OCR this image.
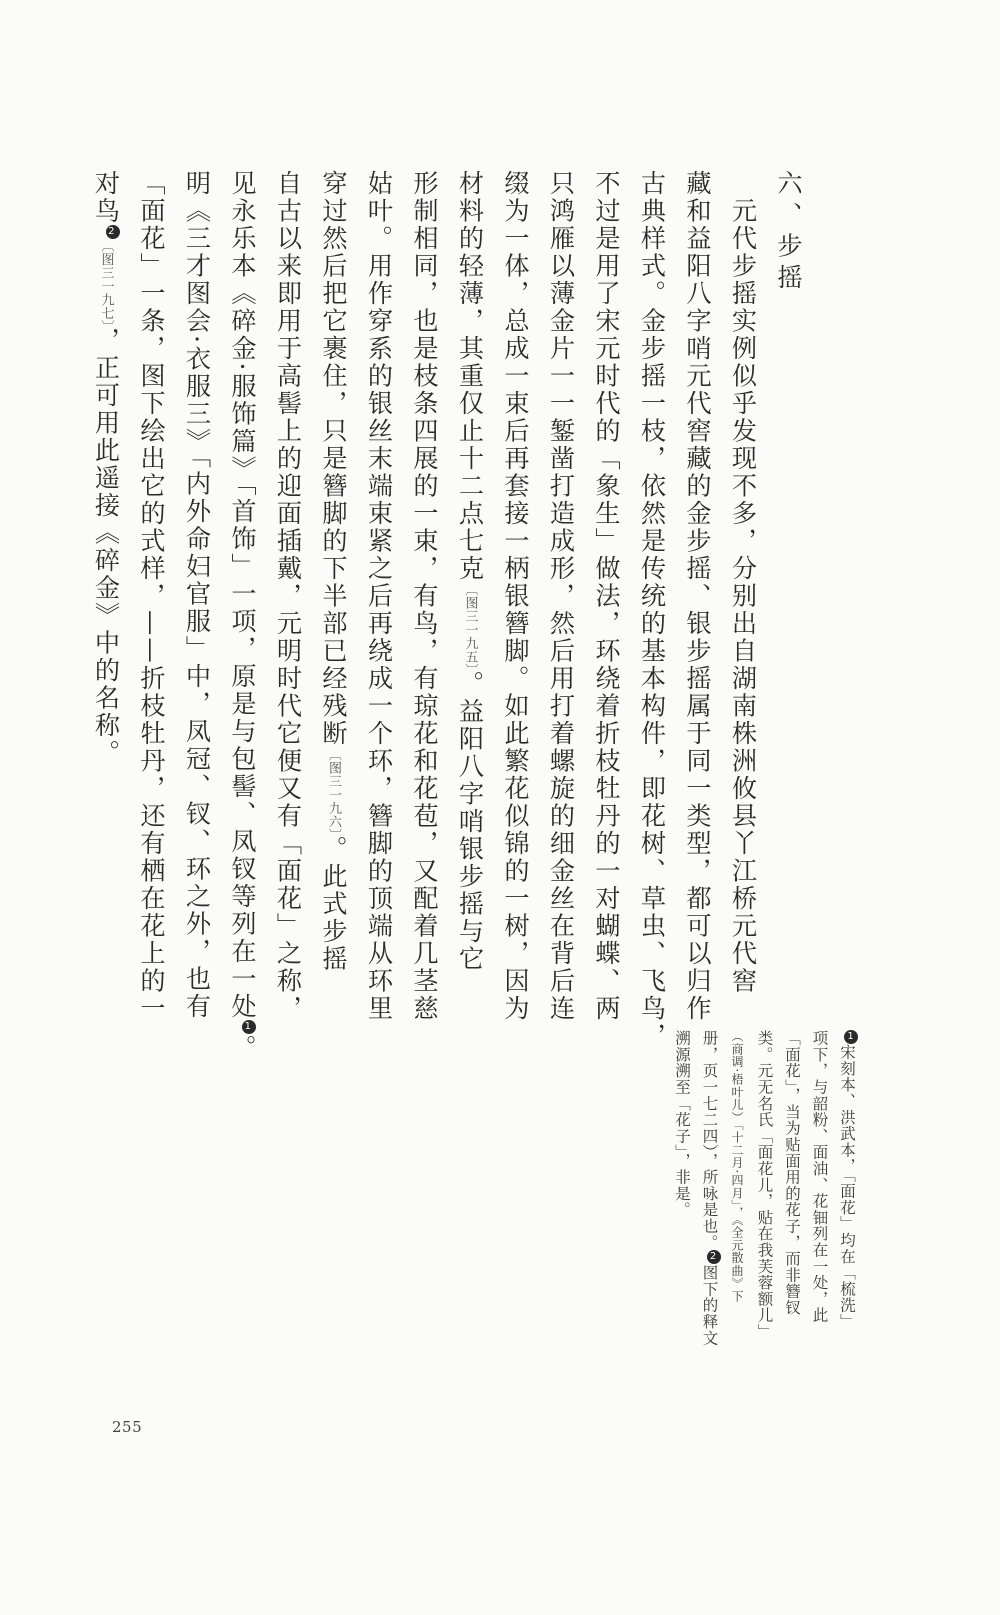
六、步摇
　元代步摇实例似乎发现不多，分别出自湖南株洲攸县丫江桥元代窖
藏和益阳八字哨元代窖藏的金步摇、银步摇属于同一类型，都可以归作
古典样式。金步摇一枝，依然是传统的基本构件，即花树、草虫、飞鸟，
不过是用了宋元时代的「象生」做法，环绕着折枝牡丹的一对蝴蝶、两
只鸿雁以薄金片一一錾凿打造成形，然后用打着螺旋的细金丝在背后连
缀为一体，总成一束后再套接一柄银簪脚。如此繁花似锦的一树，因为
材料的轻薄，其重仅止十二点七克〔图三一九五〕。益阳八字哨银步摇与它
形制相同，也是枝条四展的一束，有鸟，有琼花和花苞，又配着几茎慈
姑叶。用作穿系的银丝末端束紧之后再绕成一个环，簪脚的顶端从环里
穿过然后把它裹住，只是簪脚的下半部已经残断〔图三一九六〕。此式步摇
自古以来即用于高髻上的迎面插戴，元明时代它便又有「面花」之称，
见永乐本《碎金·服饰篇》「首饰」一项，原是与包髻、凤钗等列在一处1。
明《三才图会·衣服三》「内外命妇官服」中，凤冠、钗、环之外，也有
「面花」一条，图下绘出它的式样，——折枝牡丹，还有栖在花上的一
对鸟2〔图三一九七〕，正可用此遥接《碎金》中的名称。
1宋刻本、洪武本，「面花」均在「梳洗」
项下，与韶粉、面油、花钿列在一处，此
「面花」，当为贴面用的花子，而非簪钗
类。元无名氏「面花儿，贴在我芙蓉额儿」
（商调·梧叶儿）「十二月·四月」，《全元散曲》下
册，页一七二四），所咏是也。2图下的释文
溯源溯至「花子」，非是。
255
